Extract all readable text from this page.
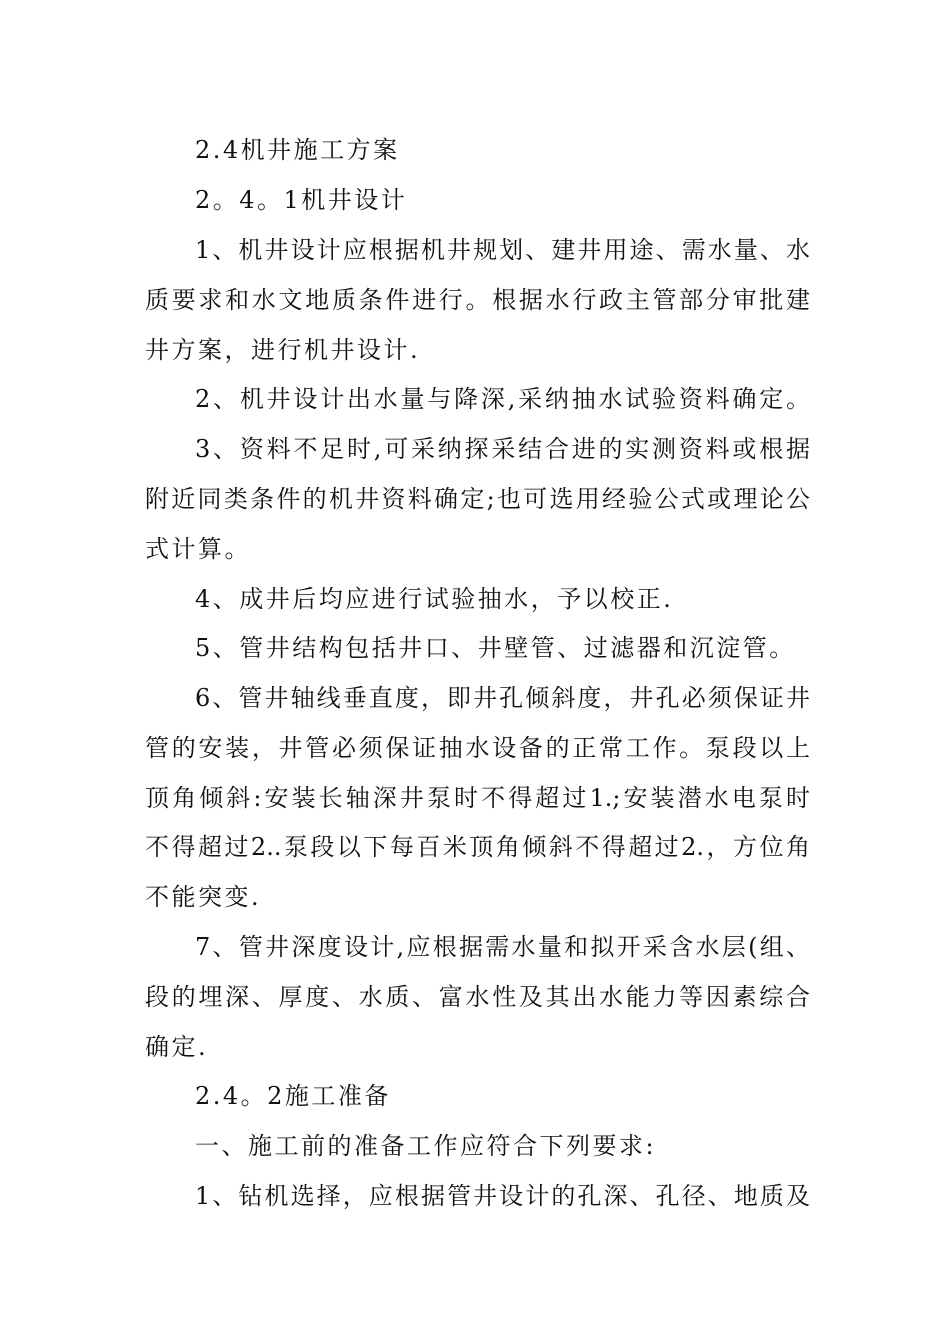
2.4机井施工方案
2。4。1机井设计
1、机井设计应根据机井规划、建井用途、需水量、水
质要求和水文地质条件进行。根据水行政主管部分审批建
井方案，进行机井设计.
2、机井设计出水量与降深,采纳抽水试验资料确定。
3、资料不足时,可采纳探采结合进的实测资料或根据
附近同类条件的机井资料确定;也可选用经验公式或理论公
式计算。
4、成井后均应进行试验抽水，予以校正.
5、管井结构包括井口、井壁管、过滤器和沉淀管。
6、管井轴线垂直度，即井孔倾斜度，井孔必须保证井
管的安装，井管必须保证抽水设备的正常工作。泵段以上
顶角倾斜:安装长轴深井泵时不得超过1.;安装潜水电泵时
不得超过2..泵段以下每百米顶角倾斜不得超过2.，方位角
不能突变.
7、管井深度设计,应根据需水量和拟开采含水层(组、
段的埋深、厚度、水质、富水性及其出水能力等因素综合
确定.
2.4。2施工准备
一、施工前的准备工作应符合下列要求:
1、钻机选择，应根据管井设计的孔深、孔径、地质及
